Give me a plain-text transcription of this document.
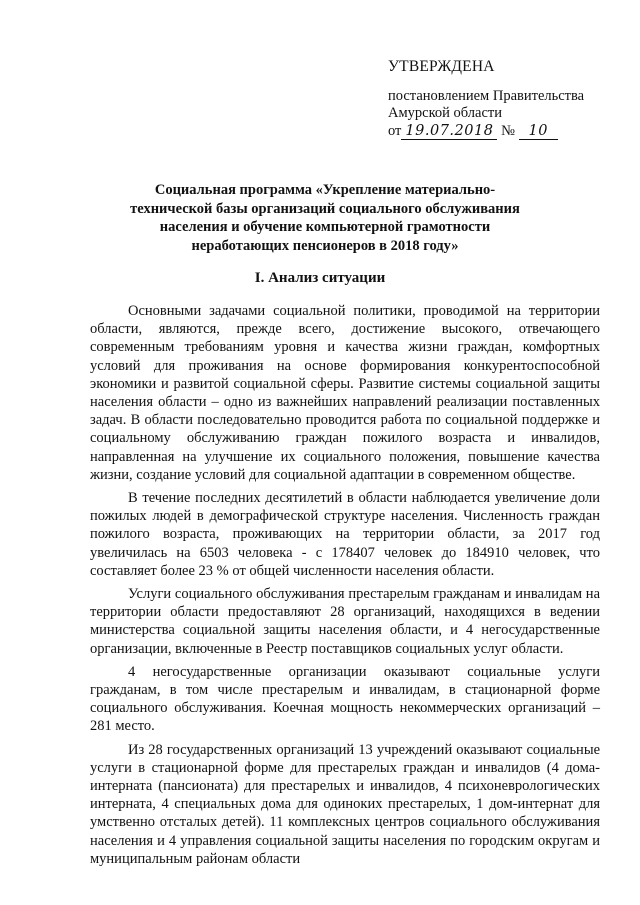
УТВЕРЖДЕНА
постановлением Правительства
Амурской области
от 19.07.2018 № 10
Социальная программа «Укрепление материально-технической базы организаций социального обслуживания населения и обучение компьютерной грамотности неработающих пенсионеров в 2018 году»
I. Анализ ситуации

Основными задачами социальной политики, проводимой на территории области, являются, прежде всего, достижение высокого, отвечающего современным требованиям уровня и качества жизни граждан, комфортных условий для проживания на основе формирования конкурентоспособной экономики и развитой социальной сферы. Развитие системы социальной защиты населения области – одно из важнейших направлений реализации поставленных задач. В области последовательно проводится работа по социальной поддержке и социальному обслуживанию граждан пожилого возраста и инвалидов, направленная на улучшение их социального положения, повышение качества жизни, создание условий для социальной адаптации в современном обществе.

В течение последних десятилетий в области наблюдается увеличение доли пожилых людей в демографической структуре населения. Численность граждан пожилого возраста, проживающих на территории области, за 2017 год увеличилась на 6503 человека - с 178407 человек до 184910 человек, что составляет более 23 % от общей численности населения области.

Услуги социального обслуживания престарелым гражданам и инвалидам на территории области предоставляют 28 организаций, находящихся в ведении министерства социальной защиты населения области, и 4 негосударственные организации, включенные в Реестр поставщиков социальных услуг области.

4 негосударственные организации оказывают социальные услуги гражданам, в том числе престарелым и инвалидам, в стационарной форме социального обслуживания. Коечная мощность некоммерческих организаций – 281 место.

Из 28 государственных организаций 13 учреждений оказывают социальные услуги в стационарной форме для престарелых граждан и инвалидов (4 дома-интерната (пансионата) для престарелых и инвалидов, 4 психоневрологических интерната, 4 специальных дома для одиноких престарелых, 1 дом-интернат для умственно отсталых детей). 11 комплексных центров социального обслуживания населения и 4 управления социальной защиты населения по городским округам и муниципальным районам области
